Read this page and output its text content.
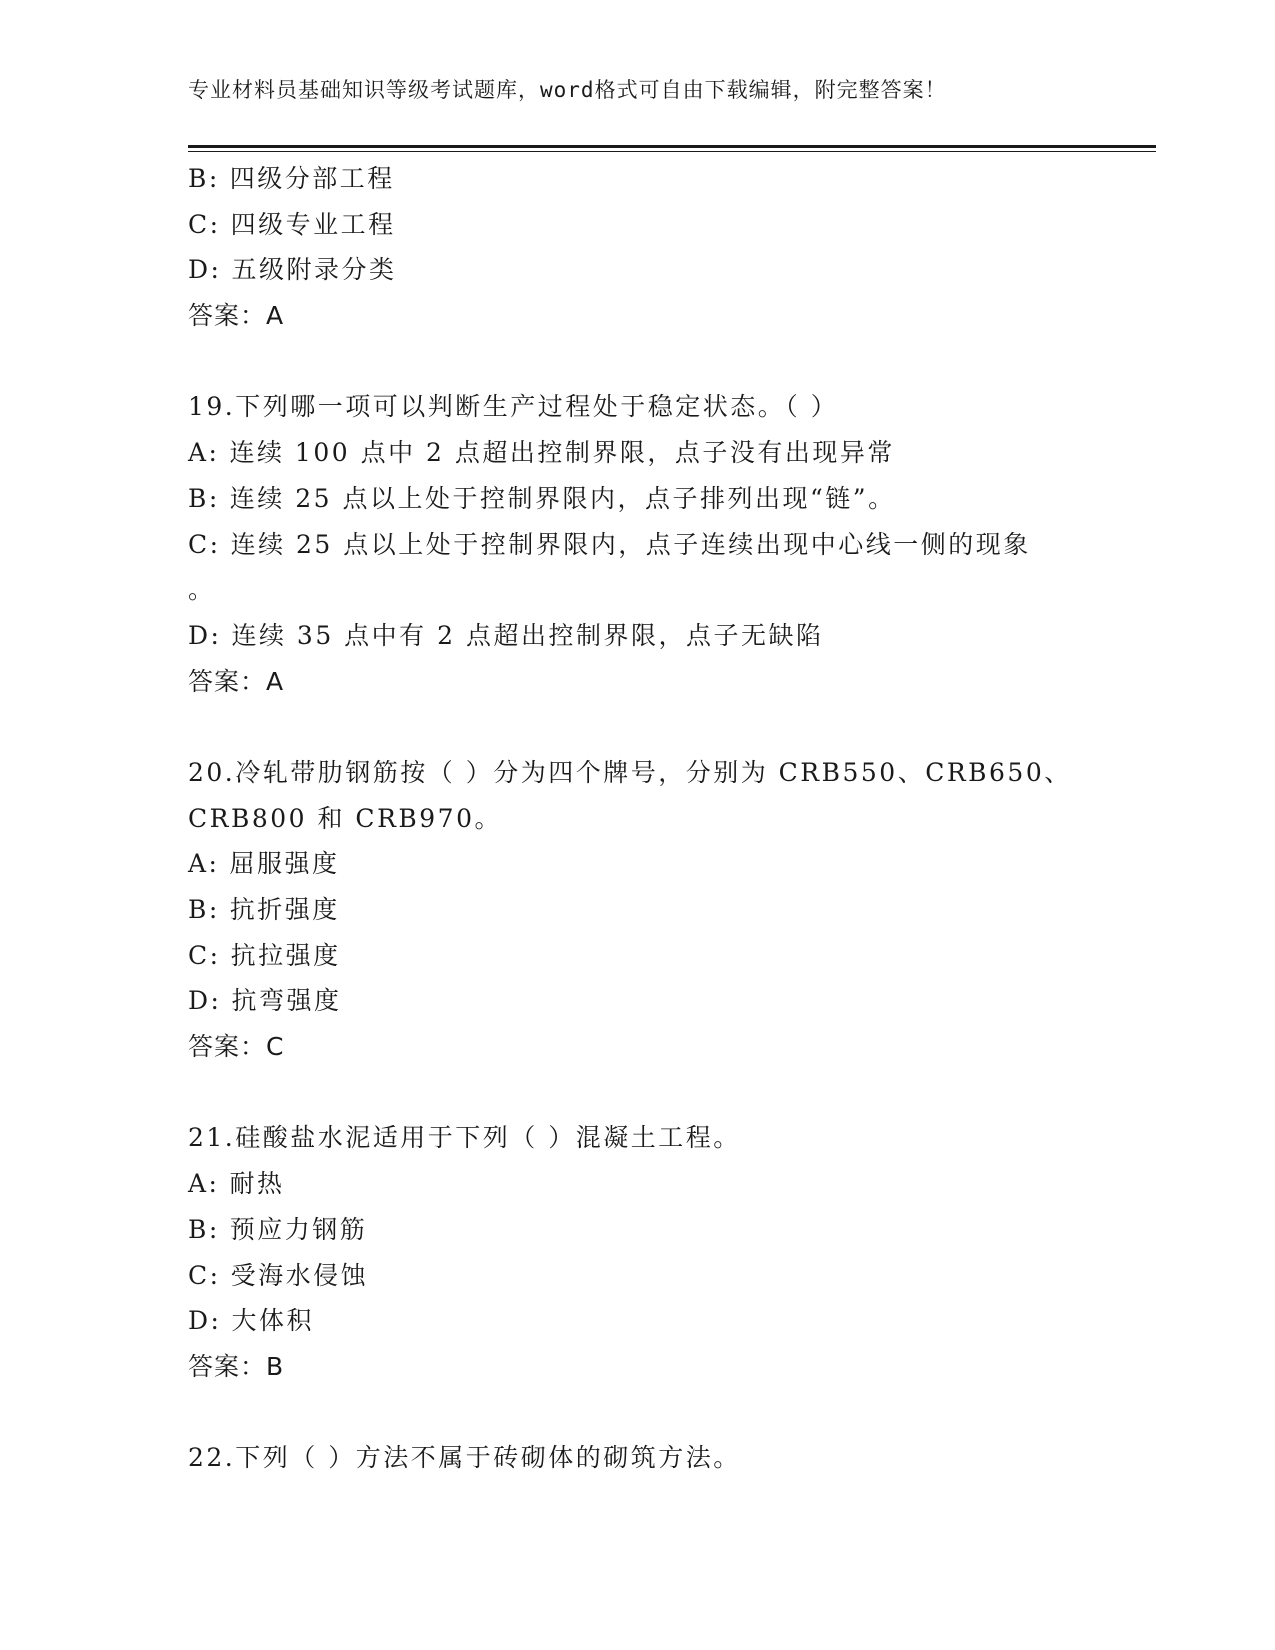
专业材料员基础知识等级考试题库，word格式可自由下载编辑，附完整答案！
B: 四级分部工程
C: 四级专业工程
D: 五级附录分类
答案：A
19.下列哪一项可以判断生产过程处于稳定状态。（ ）
A: 连续 100 点中 2 点超出控制界限，点子没有出现异常
B: 连续 25 点以上处于控制界限内，点子排列出现“链”。
C: 连续 25 点以上处于控制界限内，点子连续出现中心线一侧的现象
。
D: 连续 35 点中有 2 点超出控制界限，点子无缺陷
答案：A
20.冷轧带肋钢筋按（ ）分为四个牌号，分别为 CRB550、CRB650、
CRB800 和 CRB970。
A: 屈服强度
B: 抗折强度
C: 抗拉强度
D: 抗弯强度
答案：C
21.硅酸盐水泥适用于下列（ ）混凝土工程。
A: 耐热
B: 预应力钢筋
C: 受海水侵蚀
D: 大体积
答案：B
22.下列（ ）方法不属于砖砌体的砌筑方法。
